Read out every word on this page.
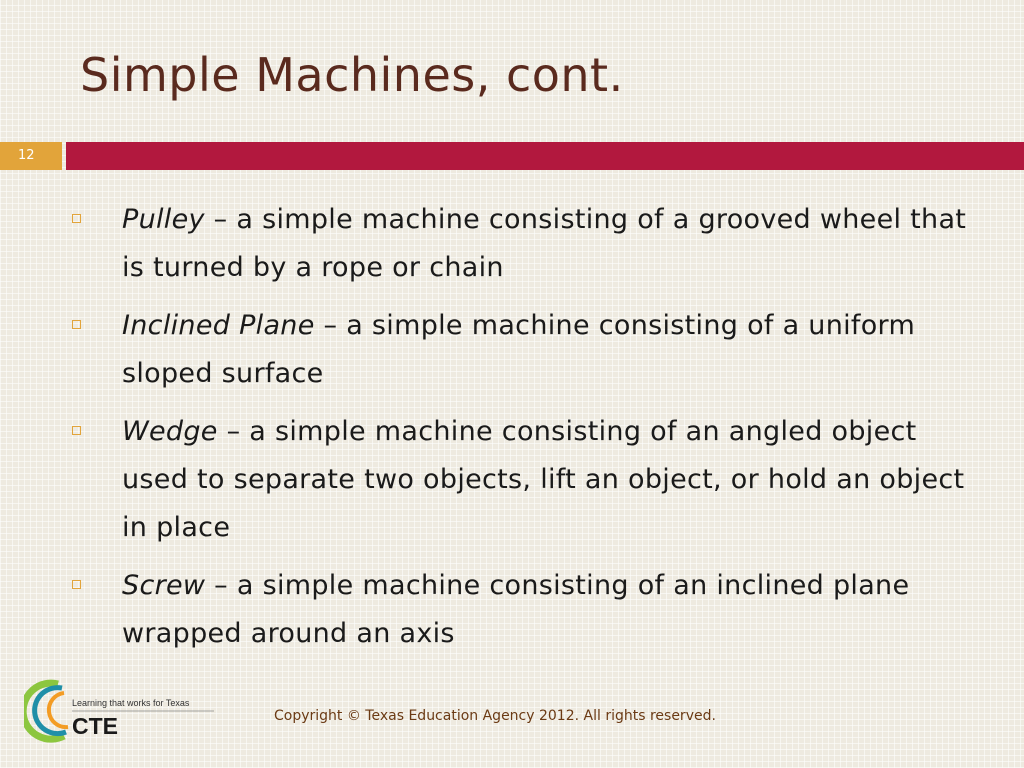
Simple Machines, cont.
12
Pulley – a simple machine consisting of a grooved wheel that is turned by a rope or chain
Inclined Plane – a simple machine consisting of a uniform sloped surface
Wedge – a simple machine consisting of an angled object used to separate two objects, lift an object, or hold an object in place
Screw – a simple machine consisting of an inclined plane wrapped around an axis
Learning that works for Texas
CTE	Copyright © Texas Education Agency 2012. All rights reserved.
